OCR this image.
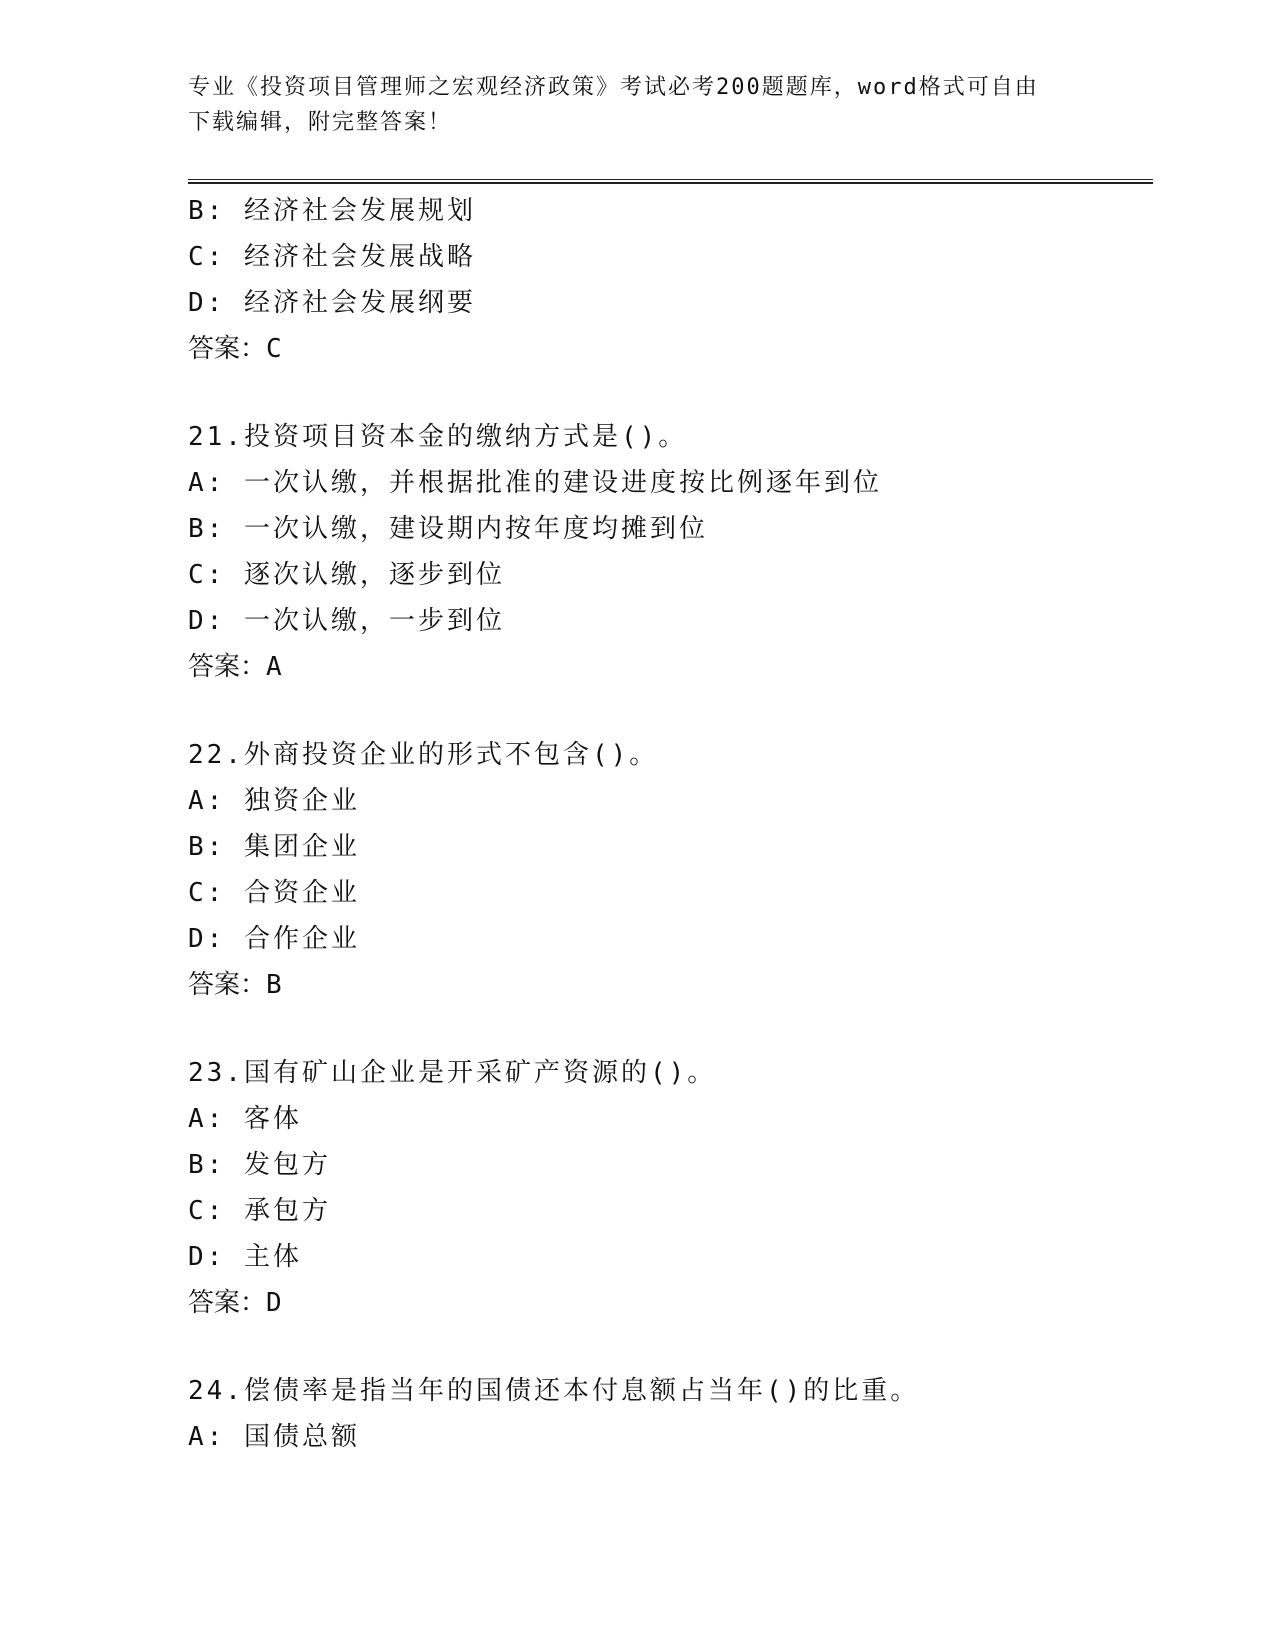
专业《投资项目管理师之宏观经济政策》考试必考200题题库，word格式可自由
下载编辑，附完整答案！
B: 经济社会发展规划
C: 经济社会发展战略
D: 经济社会发展纲要
答案：C
21.投资项目资本金的缴纳方式是()。
A: 一次认缴，并根据批准的建设进度按比例逐年到位
B: 一次认缴，建设期内按年度均摊到位
C: 逐次认缴，逐步到位
D: 一次认缴，一步到位
答案：A
22.外商投资企业的形式不包含()。
A: 独资企业
B: 集团企业
C: 合资企业
D: 合作企业
答案：B
23.国有矿山企业是开采矿产资源的()。
A: 客体
B: 发包方
C: 承包方
D: 主体
答案：D
24.偿债率是指当年的国债还本付息额占当年()的比重。
A: 国债总额
